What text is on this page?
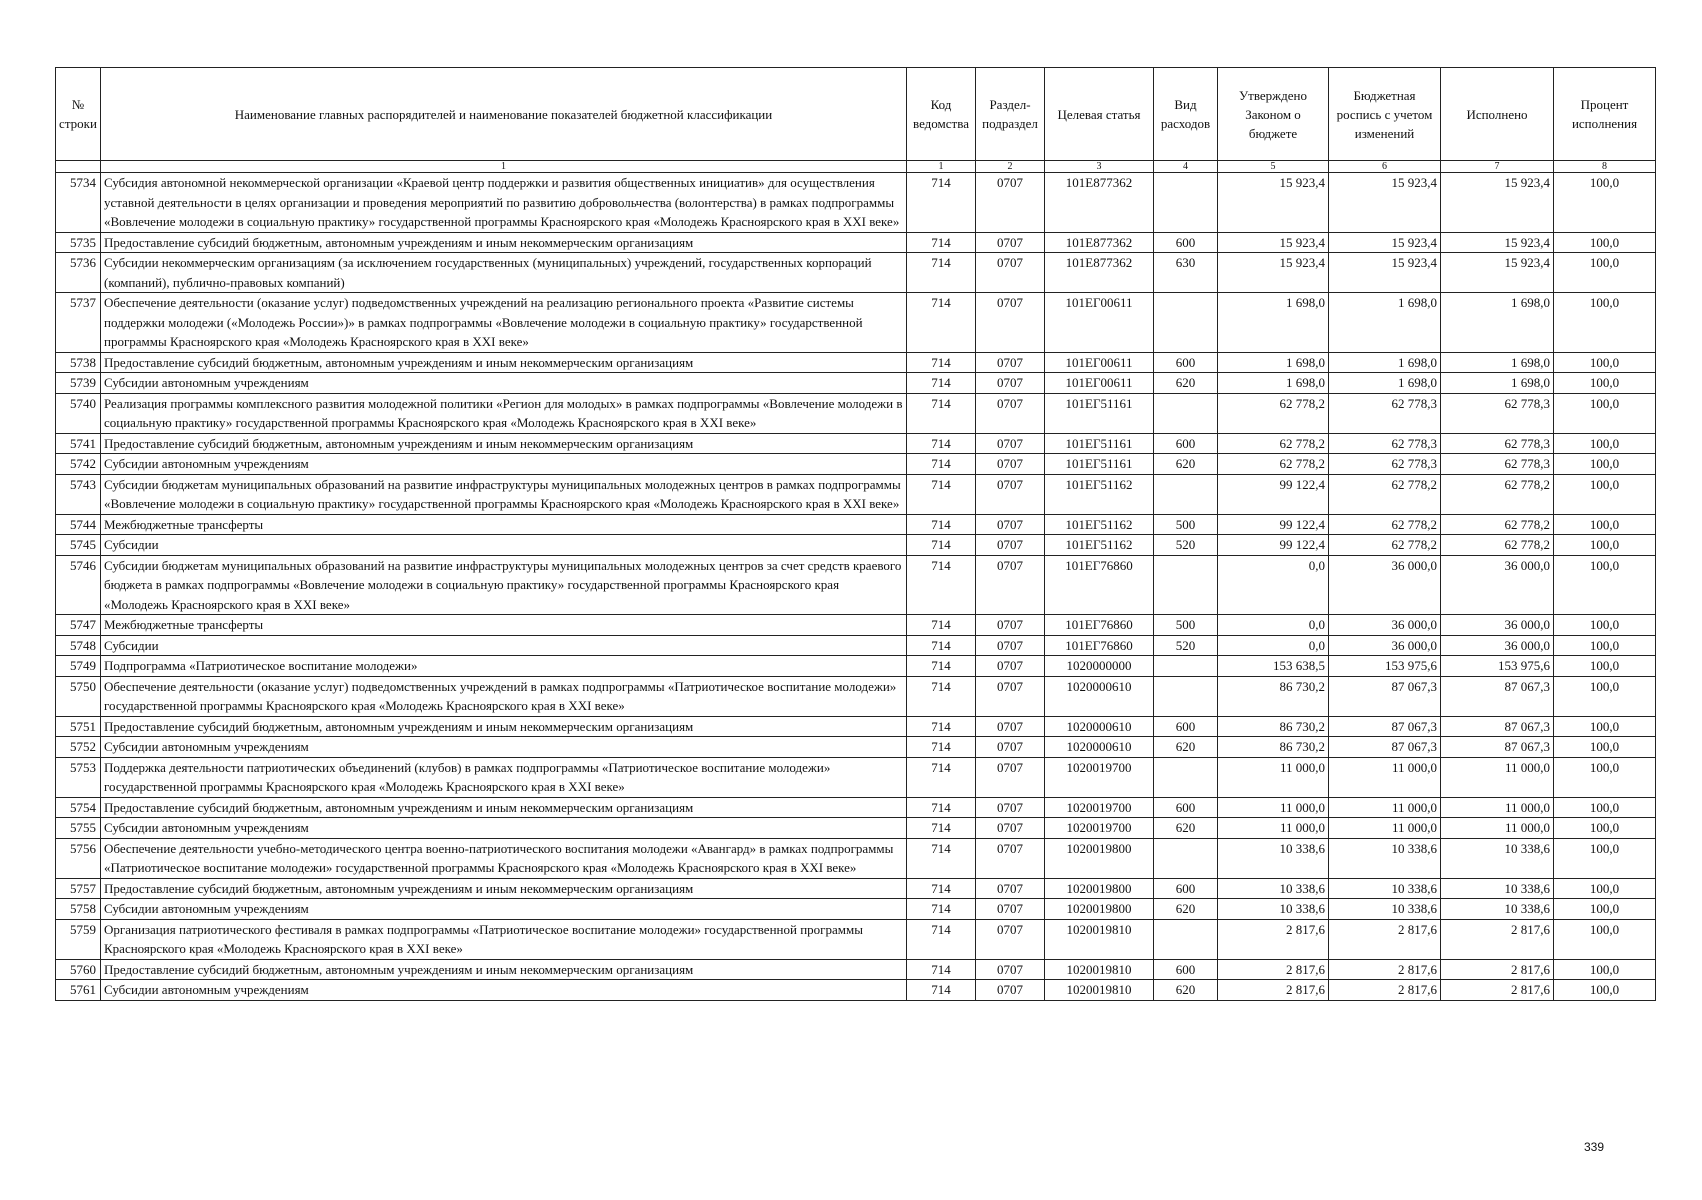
№ строки	Наименование главных распорядителей и наименование показателей бюджетной классификации	Код ведомства	Раздел-подраздел	Целевая статья	Вид расходов	Утверждено Законом о бюджете	Бюджетная роспись с учетом изменений	Исполнено	Процент исполнения
	1	1	2	3	4	5	6	7	8
5734	Субсидия автономной некоммерческой организации «Краевой центр поддержки и развития общественных инициатив» для осуществления уставной деятельности в целях организации и проведения мероприятий по развитию добровольчества (волонтерства) в рамках подпрограммы «Вовлечение молодежи в социальную практику» государственной программы Красноярского края «Молодежь Красноярского края в XXI веке»	714	0707	101E877362		15 923,4	15 923,4	15 923,4	100,0
5735	Предоставление субсидий бюджетным, автономным учреждениям и иным некоммерческим организациям	714	0707	101E877362	600	15 923,4	15 923,4	15 923,4	100,0
5736	Субсидии некоммерческим организациям (за исключением государственных (муниципальных) учреждений, государственных корпораций (компаний), публично-правовых компаний)	714	0707	101E877362	630	15 923,4	15 923,4	15 923,4	100,0
5737	Обеспечение деятельности (оказание услуг) подведомственных учреждений на реализацию регионального проекта «Развитие системы поддержки молодежи («Молодежь России»)» в рамках подпрограммы «Вовлечение молодежи в социальную практику» государственной программы Красноярского края «Молодежь Красноярского края в XXI веке»	714	0707	101EГ00611		1 698,0	1 698,0	1 698,0	100,0
5738	Предоставление субсидий бюджетным, автономным учреждениям и иным некоммерческим организациям	714	0707	101EГ00611	600	1 698,0	1 698,0	1 698,0	100,0
5739	Субсидии автономным учреждениям	714	0707	101EГ00611	620	1 698,0	1 698,0	1 698,0	100,0
5740	Реализация программы комплексного развития молодежной политики «Регион для молодых» в рамках подпрограммы «Вовлечение молодежи в социальную практику» государственной программы Красноярского края «Молодежь Красноярского края в XXI веке»	714	0707	101EГ51161		62 778,2	62 778,3	62 778,3	100,0
5741	Предоставление субсидий бюджетным, автономным учреждениям и иным некоммерческим организациям	714	0707	101EГ51161	600	62 778,2	62 778,3	62 778,3	100,0
5742	Субсидии автономным учреждениям	714	0707	101EГ51161	620	62 778,2	62 778,3	62 778,3	100,0
5743	Субсидии бюджетам муниципальных образований на развитие инфраструктуры муниципальных молодежных центров в рамках подпрограммы «Вовлечение молодежи в социальную практику» государственной программы Красноярского края «Молодежь Красноярского края в XXI веке»	714	0707	101EГ51162		99 122,4	62 778,2	62 778,2	100,0
5744	Межбюджетные трансферты	714	0707	101EГ51162	500	99 122,4	62 778,2	62 778,2	100,0
5745	Субсидии	714	0707	101EГ51162	520	99 122,4	62 778,2	62 778,2	100,0
5746	Субсидии бюджетам муниципальных образований на развитие инфраструктуры муниципальных молодежных центров за счет средств краевого бюджета в рамках подпрограммы «Вовлечение молодежи в социальную практику» государственной программы Красноярского края «Молодежь Красноярского края в XXI веке»	714	0707	101EГ76860		0,0	36 000,0	36 000,0	100,0
5747	Межбюджетные трансферты	714	0707	101EГ76860	500	0,0	36 000,0	36 000,0	100,0
5748	Субсидии	714	0707	101EГ76860	520	0,0	36 000,0	36 000,0	100,0
5749	Подпрограмма «Патриотическое воспитание молодежи»	714	0707	1020000000		153 638,5	153 975,6	153 975,6	100,0
5750	Обеспечение деятельности (оказание услуг) подведомственных учреждений в рамках подпрограммы «Патриотическое воспитание молодежи» государственной программы Красноярского края «Молодежь Красноярского края в XXI веке»	714	0707	1020000610		86 730,2	87 067,3	87 067,3	100,0
5751	Предоставление субсидий бюджетным, автономным учреждениям и иным некоммерческим организациям	714	0707	1020000610	600	86 730,2	87 067,3	87 067,3	100,0
5752	Субсидии автономным учреждениям	714	0707	1020000610	620	86 730,2	87 067,3	87 067,3	100,0
5753	Поддержка деятельности патриотических объединений (клубов) в рамках подпрограммы «Патриотическое воспитание молодежи» государственной программы Красноярского края «Молодежь Красноярского края в XXI веке»	714	0707	1020019700		11 000,0	11 000,0	11 000,0	100,0
5754	Предоставление субсидий бюджетным, автономным учреждениям и иным некоммерческим организациям	714	0707	1020019700	600	11 000,0	11 000,0	11 000,0	100,0
5755	Субсидии автономным учреждениям	714	0707	1020019700	620	11 000,0	11 000,0	11 000,0	100,0
5756	Обеспечение деятельности учебно-методического центра военно-патриотического воспитания молодежи «Авангард» в рамках подпрограммы «Патриотическое воспитание молодежи» государственной программы Красноярского края «Молодежь Красноярского края в XXI веке»	714	0707	1020019800		10 338,6	10 338,6	10 338,6	100,0
5757	Предоставление субсидий бюджетным, автономным учреждениям и иным некоммерческим организациям	714	0707	1020019800	600	10 338,6	10 338,6	10 338,6	100,0
5758	Субсидии автономным учреждениям	714	0707	1020019800	620	10 338,6	10 338,6	10 338,6	100,0
5759	Организация патриотического фестиваля в рамках подпрограммы «Патриотическое воспитание молодежи» государственной программы Красноярского края «Молодежь Красноярского края в XXI веке»	714	0707	1020019810		2 817,6	2 817,6	2 817,6	100,0
5760	Предоставление субсидий бюджетным, автономным учреждениям и иным некоммерческим организациям	714	0707	1020019810	600	2 817,6	2 817,6	2 817,6	100,0
5761	Субсидии автономным учреждениям	714	0707	1020019810	620	2 817,6	2 817,6	2 817,6	100,0
339
